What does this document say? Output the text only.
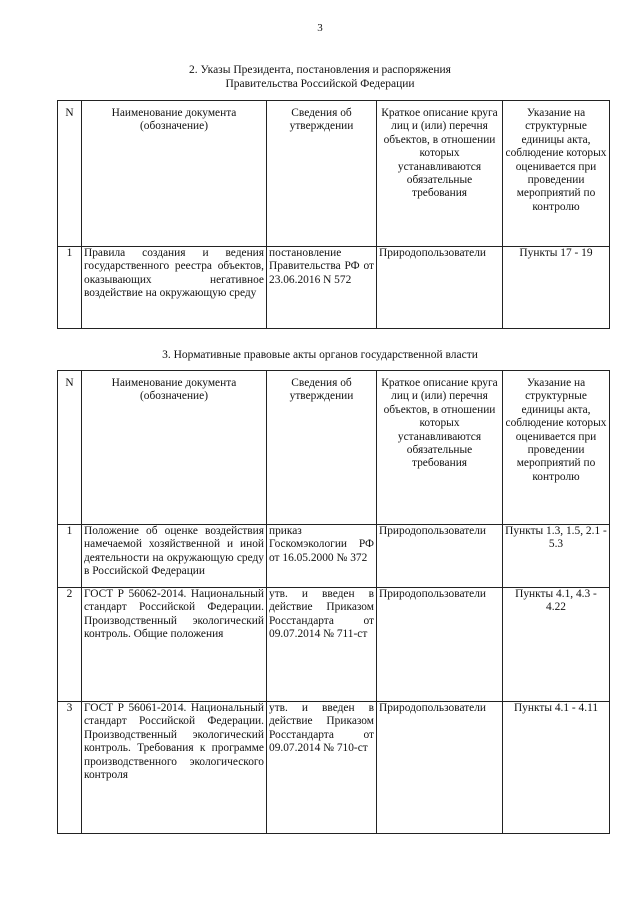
3
2. Указы Президента, постановления и распоряжения
Правительства Российской Федерации
N	Наименование документа (обозначение)	Сведения об утверждении	Краткое описание круга лиц и (или) перечня объектов, в отношении которых устанавливаются обязательные требования	Указание на структурные единицы акта, соблюдение которых оценивается при проведении мероприятий по контролю
1	Правила создания и ведения государственного реестра объектов, оказывающих негативное воздействие на окружающую среду	постановление Правительства РФ от 23.06.2016 N 572	Природопользователи	Пункты 17 - 19
3. Нормативные правовые акты органов государственной власти
N	Наименование документа (обозначение)	Сведения об утверждении	Краткое описание круга лиц и (или) перечня объектов, в отношении которых устанавливаются обязательные требования	Указание на структурные единицы акта, соблюдение которых оценивается при проведении мероприятий по контролю
1	Положение об оценке воздействия намечаемой хозяйственной и иной деятельности на окружающую среду в Российской Федерации	приказ Госкомэкологии РФ от 16.05.2000 № 372	Природопользователи	Пункты 1.3, 1.5, 2.1 - 5.3
2	ГОСТ Р 56062-2014. Национальный стандарт Российской Федерации. Производственный экологический контроль. Общие положения	утв. и введен в действие Приказом Росстандарта от 09.07.2014 № 711-ст	Природопользователи	Пункты 4.1, 4.3 - 4.22
3	ГОСТ Р 56061-2014. Национальный стандарт Российской Федерации. Производственный экологический контроль. Требования к программе производственного экологического контроля	утв. и введен в действие Приказом Росстандарта от 09.07.2014 № 710-ст	Природопользователи	Пункты 4.1 - 4.11
